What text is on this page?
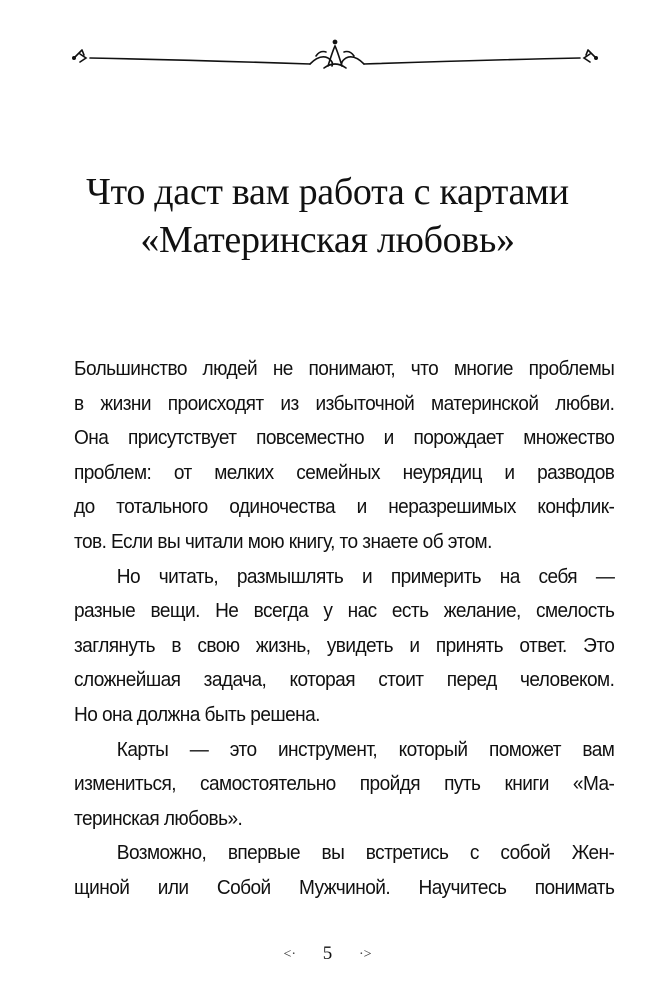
Что даст вам работа с картами
«Материнская любовь»

Большинство людей не понимают, что многие проблемы
в жизни происходят из избыточной материнской любви.
Она присутствует повсеместно и порождает множество
проблем: от мелких семейных неурядиц и разводов
до тотального одиночества и неразрешимых конфлик-
тов. Если вы читали мою книгу, то знаете об этом.

Но читать, размышлять и примерить на себя —

разные вещи. Не всегда у нас есть желание, смелость
заглянуть в свою жизнь, увидеть и принять ответ. Это
сложнейшая задача, которая стоит перед человеком.
Но она должна быть решена.

Карты — это инструмент, который поможет вам

измениться, самостоятельно пройдя путь книги «Ма-
теринская любовь».

Возможно, впервые вы встретись с собой Жен-

щиной или Собой Мужчиной. Научитесь понимать

<· 5 ·>
